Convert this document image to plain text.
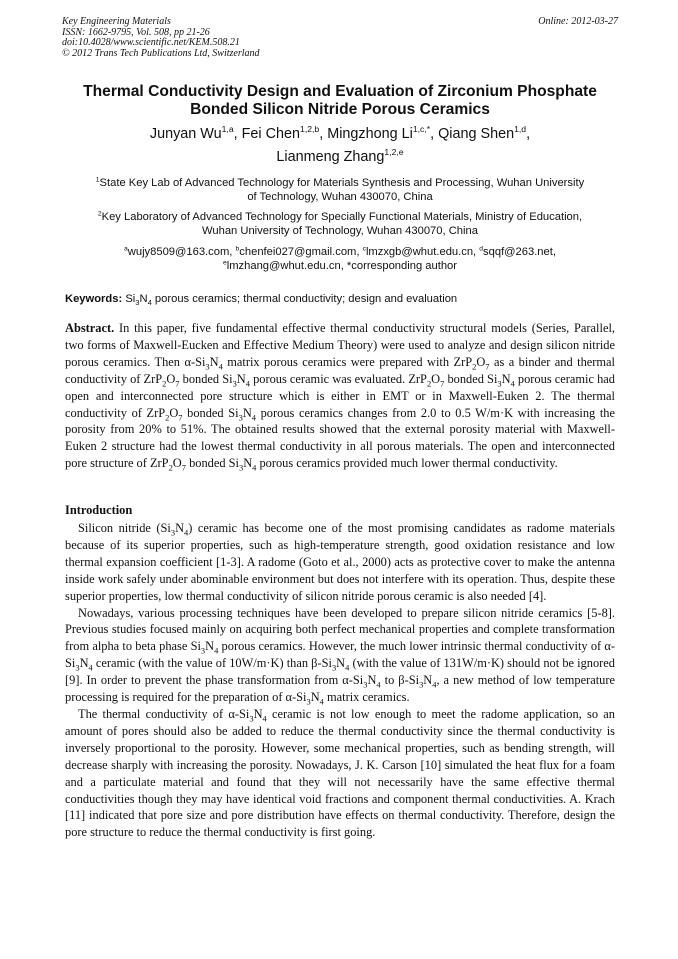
Key Engineering Materials	Online: 2012-03-27
ISSN: 1662-9795, Vol. 508, pp 21-26
doi:10.4028/www.scientific.net/KEM.508.21
© 2012 Trans Tech Publications Ltd, Switzerland
Thermal Conductivity Design and Evaluation of Zirconium Phosphate
Bonded Silicon Nitride Porous Ceramics
Junyan Wu$^{1,a}$, Fei Chen$^{1,2,b}$, Mingzhong $Li^{1,c,*}$, Qiang Shen$^{1,d}$,
Lianmeng Zhang$^{1,2,e}$
$^1$State Key Lab of Advanced Technology for Materials Synthesis and Processing, Wuhan University
of Technology, Wuhan 430070, China
$^2$Key Laboratory of Advanced Technology for Specially Functional Materials, Ministry of Education,
Wuhan University of Technology, Wuhan 430070, China
$^a$wujy8509@163.com, $^b$chenfei027@gmail.com, $^c$lmzxgb@whut.edu.cn, $^d$sqqf@263.net,
$^e$lmzhang@whut.edu.cn, *corresponding author
Keywords: $Si_3N_4$ porous ceramics; thermal conductivity; design and evaluation

Abstract. In this paper, five fundamental effective thermal conductivity structural models (Series, Parallel, two forms of Maxwell-Eucken and Effective Medium Theory) were used to analyze and design silicon nitride porous ceramics. Then $\alpha-Si_3N_4$ matrix porous ceramics were prepared with $ZrP_2O_7$ as a binder and thermal conductivity of $ZrP_2O_7$ bonded $Si_3N_4$ porous ceramic was evaluated. $ZrP_2O_7$ bonded $Si_3N_4$ porous ceramic had open and interconnected pore structure which is either in EMT or in Maxwell-Euken 2. The thermal conductivity of $ZrP_2O_7$ bonded $Si_3N_4$ porous ceramics changes from 2.0 to 0.5 W/m·K with increasing the porosity from 20% to 51%. The obtained results showed that the external porosity material with Maxwell-Euken 2 structure had the lowest thermal conductivity in all porous materials. The open and interconnected pore structure of $ZrP_2O_7$ bonded $Si_3N_4$ porous ceramics provided much lower thermal conductivity.

Introduction

Silicon nitride $(Si_3N_4)$ ceramic has become one of the most promising candidates as radome materials because of its superior properties, such as high-temperature strength, good oxidation resistance and low thermal expansion coefficient [1-3]. A radome (Goto et al., 2000) acts as protective cover to make the antenna inside work safely under abominable environment but does not interfere with its operation. Thus, despite these superior properties, low thermal conductivity of silicon nitride porous ceramic is also needed [4].

Nowadays, various processing techniques have been developed to prepare silicon nitride ceramics [5-8]. Previous studies focused mainly on acquiring both perfect mechanical properties and complete transformation from alpha to beta phase $Si_3N_4$ porous ceramics. However, the much lower intrinsic thermal conductivity of $\alpha-Si_3N_4$ ceramic (with the value of 10W/m·K) than $\beta-Si_3N_4$ (with the value of 131W/m·K) should not be ignored [9]. In order to prevent the phase transformation from $\alpha-Si_3N_4$ to $\beta-Si_3N_4$, a new method of low temperature processing is required for the preparation of $\alpha-Si_3N_4$ matrix ceramics.

The thermal conductivity of $\alpha-Si_3N_4$ ceramic is not low enough to meet the radome application, so an amount of pores should also be added to reduce the thermal conductivity since the thermal conductivity is inversely proportional to the porosity. However, some mechanical properties, such as bending strength, will decrease sharply with increasing the porosity. Nowadays, J. K. Carson [10] simulated the heat flux for a foam and a particulate material and found that they will not necessarily have the same effective thermal conductivities though they may have identical void fractions and component thermal conductivities. A. Krach [11] indicated that pore size and pore distribution have effects on thermal conductivity. Therefore, design the pore structure to reduce the thermal conductivity is first going.
